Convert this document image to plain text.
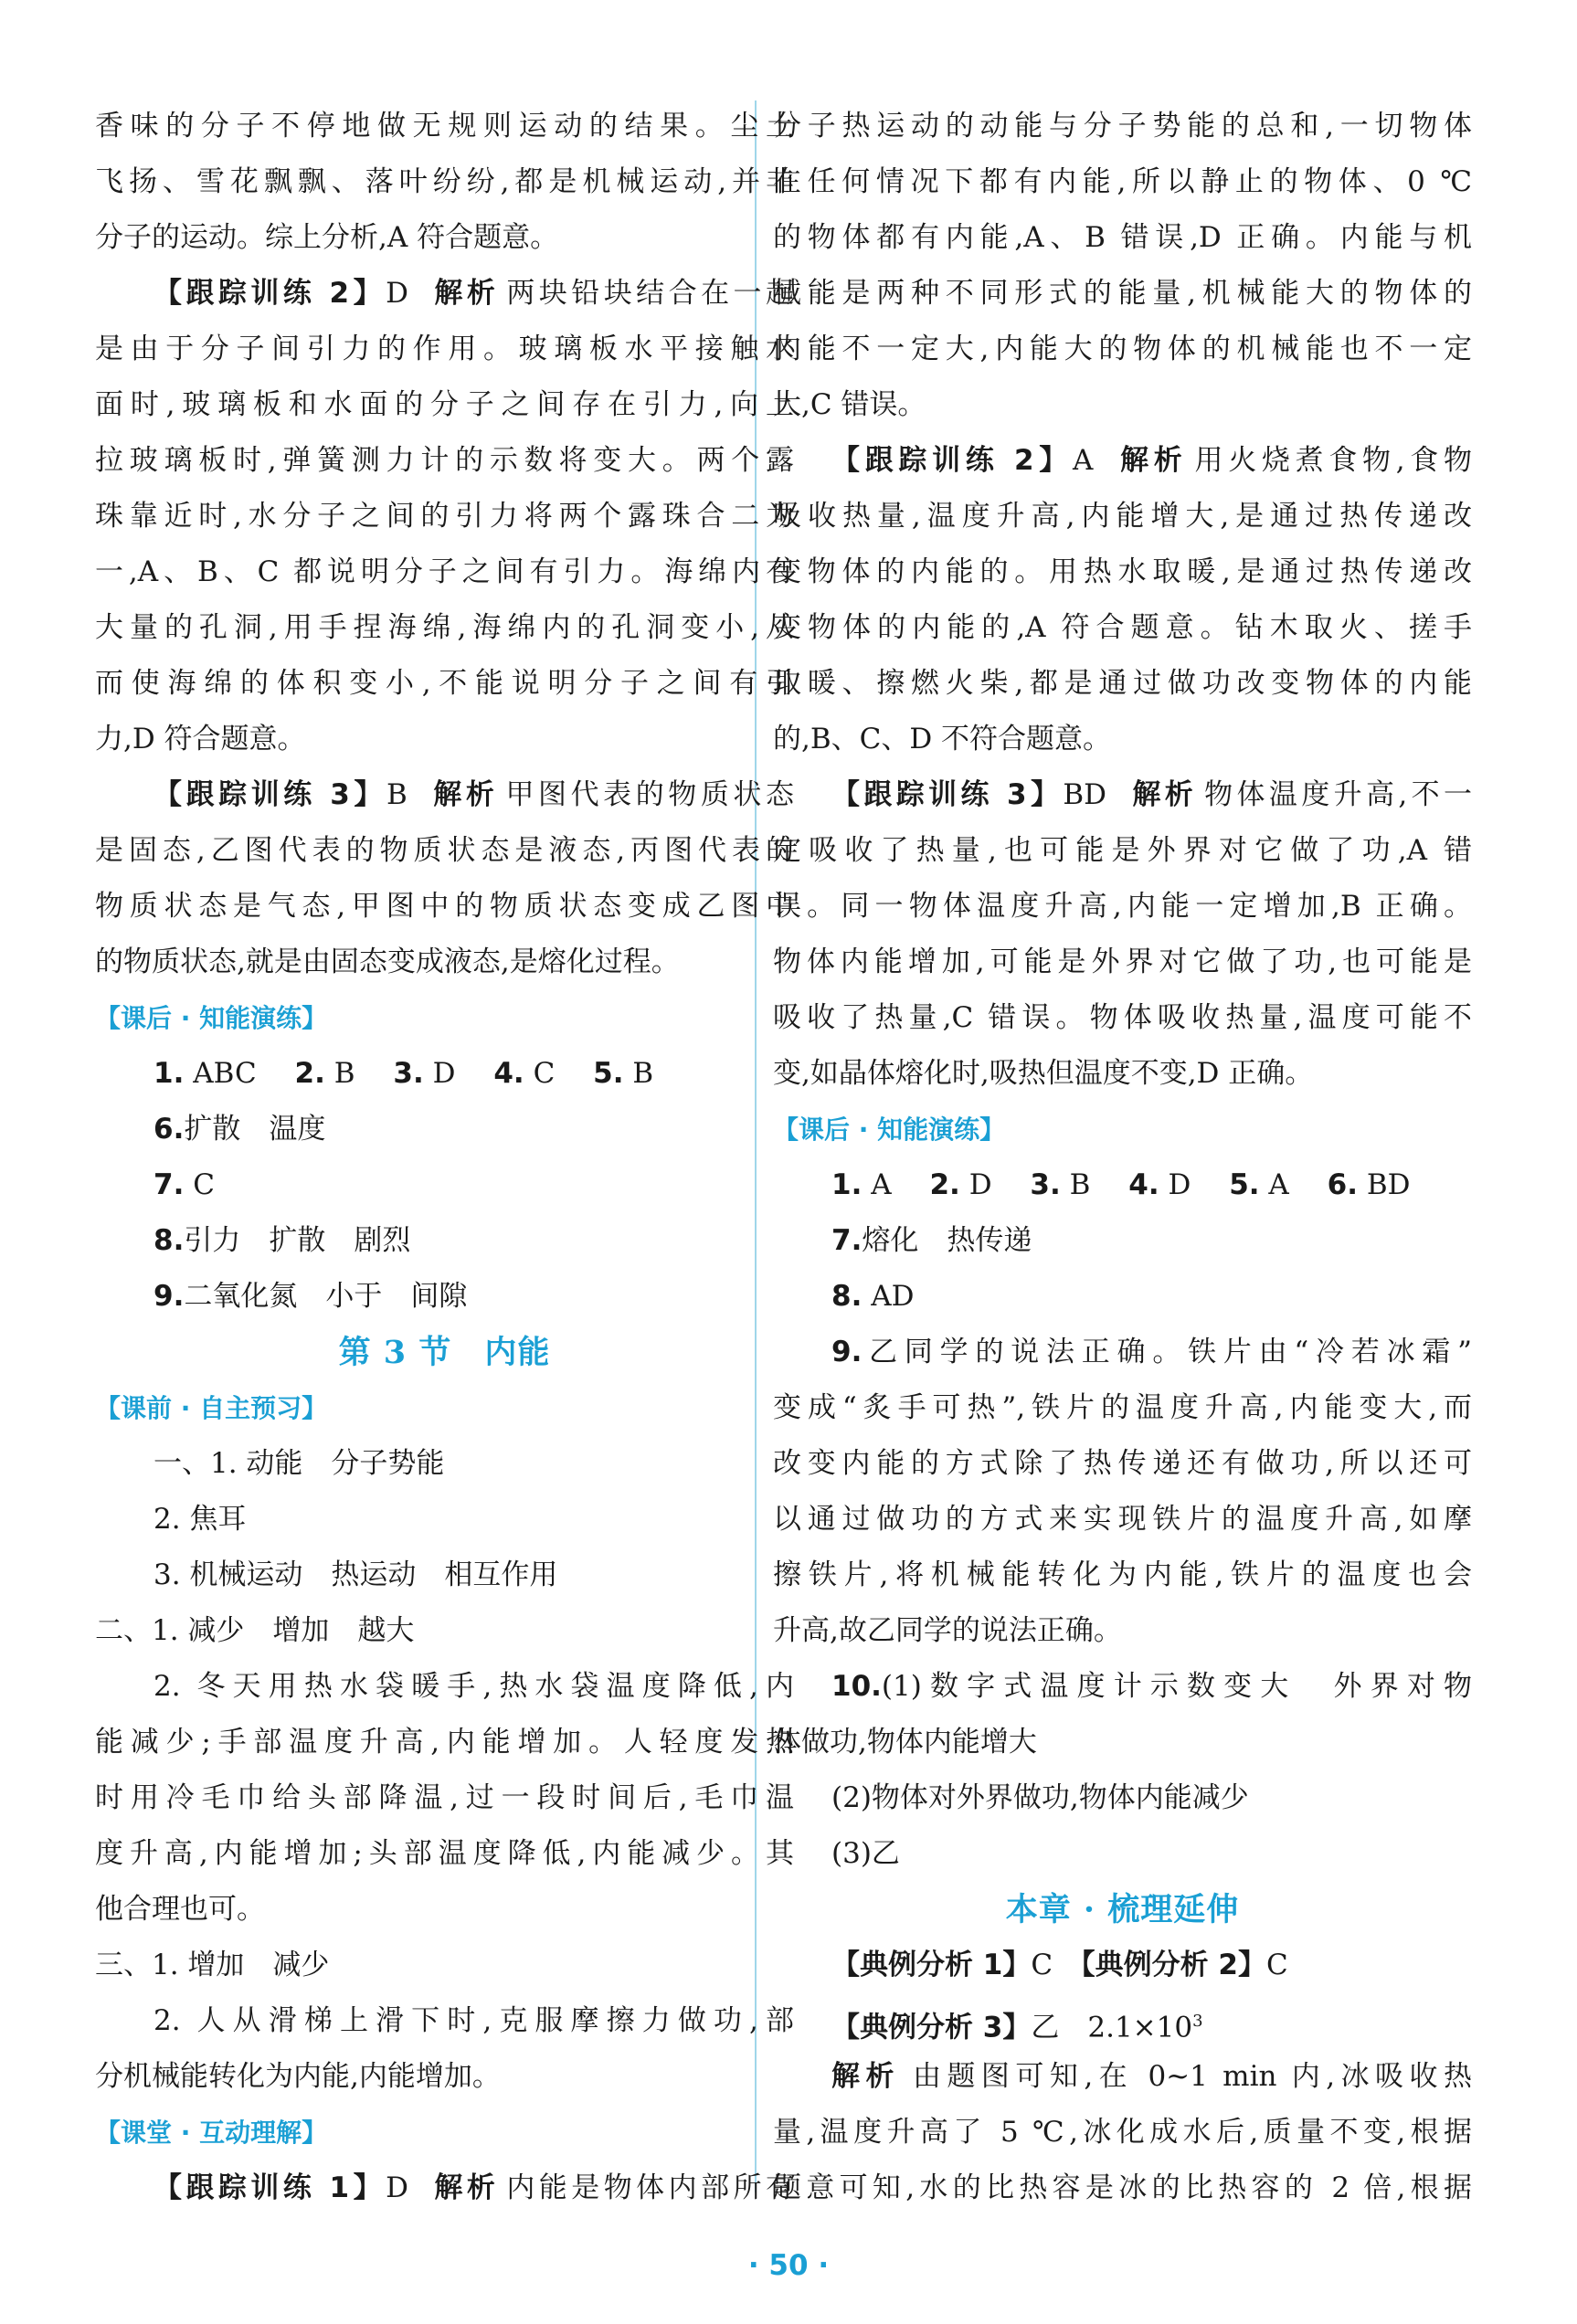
香味的分子不停地做无规则运动的结果。尘土
飞扬、雪花飘飘、落叶纷纷,都是机械运动,并非
分子的运动。综上分析,A 符合题意。
【跟踪训练 2】D 解析 两块铅块结合在一起
是由于分子间引力的作用。玻璃板水平接触水
面时,玻璃板和水面的分子之间存在引力,向上
拉玻璃板时,弹簧测力计的示数将变大。两个露
珠靠近时,水分子之间的引力将两个露珠合二为
一,A、B、C 都说明分子之间有引力。海绵内有
大量的孔洞,用手捏海绵,海绵内的孔洞变小,从
而使海绵的体积变小,不能说明分子之间有引
力,D 符合题意。
【跟踪训练 3】B 解析 甲图代表的物质状态
是固态,乙图代表的物质状态是液态,丙图代表的
物质状态是气态,甲图中的物质状态变成乙图中
的物质状态,就是由固态变成液态,是熔化过程。
【课后 · 知能演练】
1. ABC 2. B 3. D 4. C 5. B
6.扩散　温度
7. C
8.引力　扩散　剧烈
9.二氧化氮　小于　间隙
第 3 节　内能
【课前 · 自主预习】
一、1. 动能　分子势能
2. 焦耳
3. 机械运动　热运动　相互作用
二、1. 减少　增加　越大
2. 冬天用热水袋暖手,热水袋温度降低,内
能减少;手部温度升高,内能增加。人轻度发热
时用冷毛巾给头部降温,过一段时间后,毛巾温
度升高,内能增加;头部温度降低,内能减少。其
他合理也可。
三、1. 增加　减少
2. 人从滑梯上滑下时,克服摩擦力做功,部
分机械能转化为内能,内能增加。
【课堂 · 互动理解】
【跟踪训练 1】D 解析 内能是物体内部所有
分子热运动的动能与分子势能的总和,一切物体
在任何情况下都有内能,所以静止的物体、0 ℃
的物体都有内能,A、B 错误,D 正确。内能与机
械能是两种不同形式的能量,机械能大的物体的
内能不一定大,内能大的物体的机械能也不一定
大,C 错误。
【跟踪训练 2】A 解析 用火烧煮食物,食物
吸收热量,温度升高,内能增大,是通过热传递改
变物体的内能的。用热水取暖,是通过热传递改
变物体的内能的,A 符合题意。钻木取火、搓手
取暖、擦燃火柴,都是通过做功改变物体的内能
的,B、C、D 不符合题意。
【跟踪训练 3】BD 解析 物体温度升高,不一
定吸收了热量,也可能是外界对它做了功,A 错
误。同一物体温度升高,内能一定增加,B 正确。
物体内能增加,可能是外界对它做了功,也可能是
吸收了热量,C 错误。物体吸收热量,温度可能不
变,如晶体熔化时,吸热但温度不变,D 正确。
【课后 · 知能演练】
1. A 2. D 3. B 4. D 5. A 6. BD
7.熔化　热传递
8. AD
9.乙同学的说法正确。铁片由“冷若冰霜”
变成“炙手可热”,铁片的温度升高,内能变大,而
改变内能的方式除了热传递还有做功,所以还可
以通过做功的方式来实现铁片的温度升高,如摩
擦铁片,将机械能转化为内能,铁片的温度也会
升高,故乙同学的说法正确。
10.(1)数字式温度计示数变大　外界对物
体做功,物体内能增大
(2)物体对外界做功,物体内能减少
(3)乙
本章 · 梳理延伸
【典例分析 1】C　 【典例分析 2】C
【典例分析 3】乙　$2.1\times 10^3$
解析 由题图可知,在 0~1 min 内,冰吸收热
量,温度升高了 5 ℃,冰化成水后,质量不变,根据
题意可知,水的比热容是冰的比热容的 2 倍,根据
· 50 ·
